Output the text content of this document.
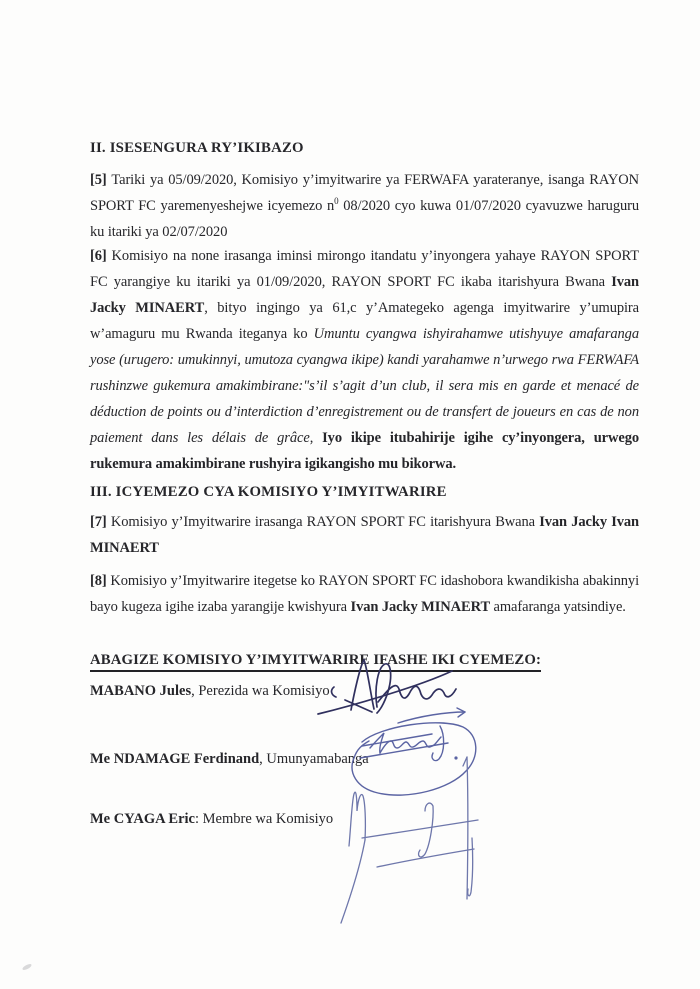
II. ISESENGURA RY’IKIBAZO

[5] Tariki ya 05/09/2020, Komisiyo y’imyitwarire ya FERWAFA yarateranye, isanga RAYON SPORT FC yaremenyeshejwe icyemezo $n^0$ 08/2020 cyo kuwa 01/07/2020 cyavuzwe haruguru ku itariki ya 02/07/2020

[6] Komisiyo na none irasanga iminsi mirongo itandatu y’inyongera yahaye RAYON SPORT FC yarangiye ku itariki ya 01/09/2020, RAYON SPORT FC ikaba itarishyura Bwana Ivan Jacky MINAERT, bityo ingingo ya 61,c y’Amategeko agenga imyitwarire y’umupira w’amaguru mu Rwanda iteganya ko Umuntu cyangwa ishyirahamwe utishyuye amafaranga yose (urugero: umukinnyi, umutoza cyangwa ikipe) kandi yarahamwe n’urwego rwa FERWAFA rushinzwe gukemura amakimbirane:"s’il s’agit d’un club, il sera mis en garde et menacé de déduction de points ou d’interdiction d’enregistrement ou de transfert de joueurs en cas de non paiement dans les délais de grâce, Iyo ikipe itubahirije igihe cy’inyongera, urwego rukemura amakimbirane rushyira igikangisho mu bikorwa.

III. ICYEMEZO CYA KOMISIYO Y’IMYITWARIRE

[7] Komisiyo y’Imyitwarire irasanga RAYON SPORT FC itarishyura Bwana Ivan Jacky Ivan MINAERT

[8] Komisiyo y’Imyitwarire itegetse ko RAYON SPORT FC idashobora kwandikisha abakinnyi bayo kugeza igihe izaba yarangije kwishyura Ivan Jacky MINAERT amafaranga yatsindiye.

ABAGIZE KOMISIYO Y’IMYITWARIRE IFASHE IKI CYEMEZO:
MABANO Jules, Perezida wa Komisiyo
Me NDAMAGE Ferdinand, Umunyamabanga
Me CYAGA Eric: Membre wa Komisiyo
